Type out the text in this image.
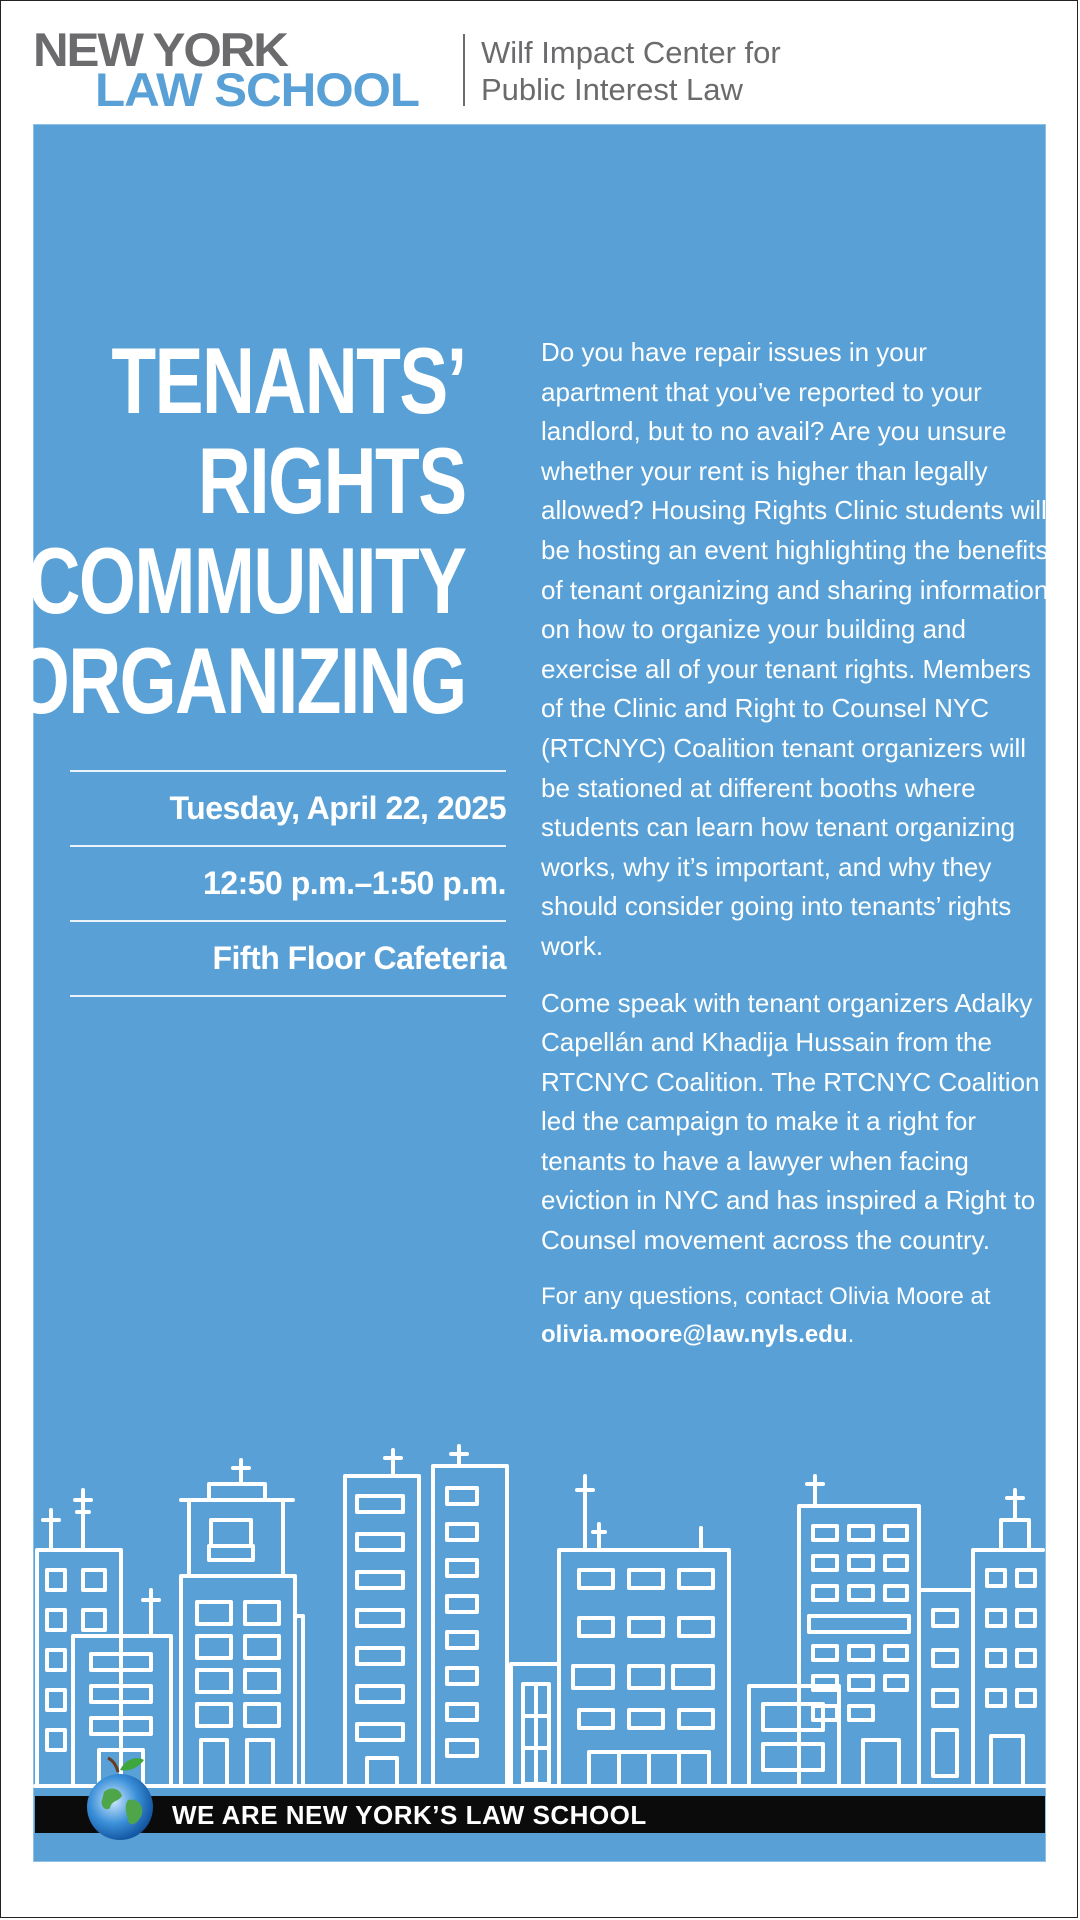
NEW YORK
LAW SCHOOL
Wilf Impact Center for
Public Interest Law
TENANTS’
RIGHTS
COMMUNITY
ORGANIZING
Tuesday, April 22, 2025
12:50 p.m.–1:50 p.m.
Fifth Floor Cafeteria

Do you have repair issues in your apartment that you’ve reported to your landlord, but to no avail? Are you unsure whether your rent is higher than legally allowed? Housing Rights Clinic students will be hosting an event highlighting the benefits of tenant organizing and sharing information on how to organize your building and exercise all of your tenant rights. Members of the Clinic and Right to Counsel NYC (RTCNYC) Coalition tenant organizers will be stationed at different booths where students can learn how tenant organizing works, why it’s important, and why they should consider going into tenants’ rights work.

Come speak with tenant organizers Adalky Capellán and Khadija Hussain from the RTCNYC Coalition. The RTCNYC Coalition led the campaign to make it a right for tenants to have a lawyer when facing eviction in NYC and has inspired a Right to Counsel movement across the country.

For any questions, contact Olivia Moore at olivia.moore@law.nyls.edu.

WE ARE NEW YORK’S LAW SCHOOL
